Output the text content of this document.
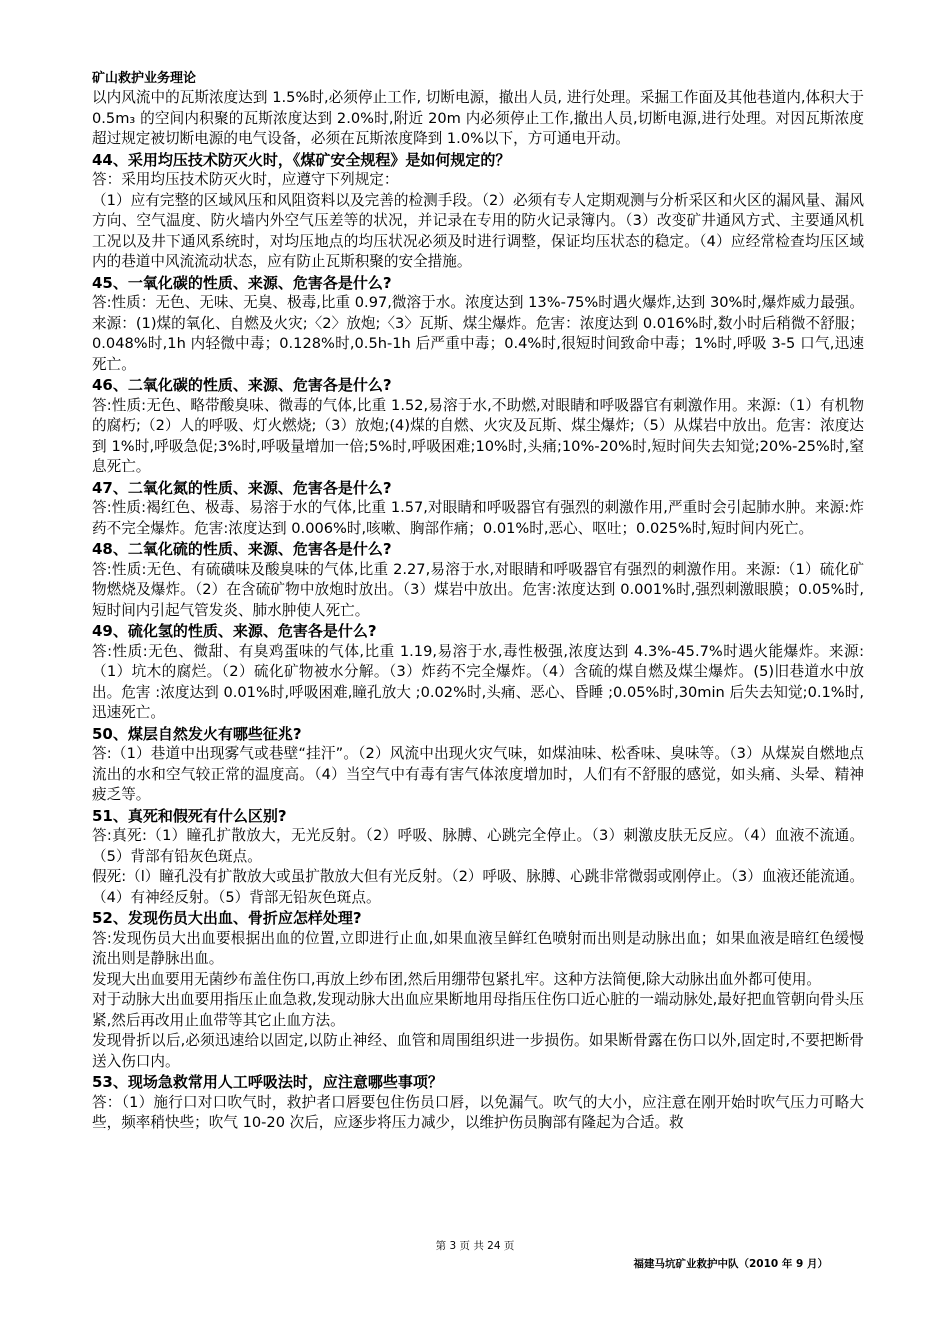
矿山救护业务理论

以内风流中的瓦斯浓度达到 1.5%时,必须停止工作, 切断电源，撤出人员, 进行处理。采掘工作面及其他巷道内,体积大于 0.5m₃ 的空间内积聚的瓦斯浓度达到 2.0%时,附近 20m 内必须停止工作,撤出人员,切断电源,进行处理。对因瓦斯浓度超过规定被切断电源的电气设备，必须在瓦斯浓度降到 1.0%以下，方可通电开动。

44、采用均压技术防灭火时，《煤矿安全规程》是如何规定的？

答：采用均压技术防灭火时，应遵守下列规定：

（1）应有完整的区域风压和风阻资料以及完善的检测手段。（2）必须有专人定期观测与分析采区和火区的漏风量、漏风方向、空气温度、防火墙内外空气压差等的状况，并记录在专用的防火记录簿内。（3）改变矿井通风方式、主要通风机工况以及井下通风系统时，对均压地点的均压状况必须及时进行调整，保证均压状态的稳定。（4）应经常检查均压区域内的巷道中风流流动状态，应有防止瓦斯积聚的安全措施。

45、一氧化碳的性质、来源、危害各是什么?

答:性质：无色、无味、无臭、极毒,比重 0.97,微溶于水。浓度达到 13%-75%时遇火爆炸,达到 30%时,爆炸威力最强。来源：(1)煤的氧化、自燃及火灾;〈2〉放炮;〈3〉瓦斯、煤尘爆炸。危害：浓度达到 0.016%时,数小时后稍微不舒服；0.048%时,1h 内轻微中毒；0.128%时,0.5h-1h 后严重中毒；0.4%时,很短时间致命中毒；1%时,呼吸 3-5 口气,迅速死亡。

46、二氧化碳的性质、来源、危害各是什么?

答:性质:无色、略带酸臭味、微毒的气体,比重 1.52,易溶于水,不助燃,对眼睛和呼吸器官有刺激作用。来源:（1）有机物的腐朽;（2）人的呼吸、灯火燃烧;（3）放炮;(4)煤的自燃、火灾及瓦斯、煤尘爆炸;（5）从煤岩中放出。危害：浓度达到 1%时,呼吸急促;3%时,呼吸量增加一倍;5%时,呼吸困难;10%时,头痛;10%-20%时,短时间失去知觉;20%-25%时,窒息死亡。

47、二氧化氮的性质、来源、危害各是什么?

答:性质:褐红色、极毒、易溶于水的气体,比重 1.57,对眼睛和呼吸器官有强烈的刺激作用,严重时会引起肺水肿。来源:炸药不完全爆炸。危害:浓度达到 0.006%时,咳嗽、胸部作痛；0.01%时,恶心、呕吐；0.025%时,短时间内死亡。

48、二氧化硫的性质、来源、危害各是什么?

答:性质:无色、有硫磺味及酸臭味的气体,比重 2.27,易溶于水,对眼睛和呼吸器官有强烈的刺激作用。来源:（1）硫化矿物燃烧及爆炸。（2）在含硫矿物中放炮时放出。（3）煤岩中放出。危害:浓度达到 0.001%时,强烈刺激眼膜；0.05%时,短时间内引起气管发炎、肺水肿使人死亡。

49、硫化氢的性质、来源、危害各是什么?

答:性质:无色、微甜、有臭鸡蛋味的气体,比重 1.19,易溶于水,毒性极强,浓度达到 4.3%-45.7%时遇火能爆炸。来源:（1）坑木的腐烂。（2）硫化矿物被水分解。（3）炸药不完全爆炸。（4）含硫的煤自燃及煤尘爆炸。(5)旧巷道水中放出。危害 :浓度达到 0.01%时,呼吸困难,瞳孔放大 ;0.02%时,头痛、恶心、昏睡 ;0.05%时,30min 后失去知觉;0.1%时,迅速死亡。

50、煤层自然发火有哪些征兆?

答:（1）巷道中出现雾气或巷壁“挂汗”。（2）风流中出现火灾气味，如煤油味、松香味、臭味等。（3）从煤炭自燃地点流出的水和空气较正常的温度高。（4）当空气中有毒有害气体浓度增加时，人们有不舒服的感觉，如头痛、头晕、精神疲乏等。

51、真死和假死有什么区别?

答:真死:（1）瞳孔扩散放大，无光反射。（2）呼吸、脉膊、心跳完全停止。（3）刺激皮肤无反应。（4）血液不流通。（5）背部有铅灰色斑点。

假死:（l）瞳孔没有扩散放大或虽扩散放大但有光反射。（2）呼吸、脉膊、心跳非常微弱或刚停止。（3）血液还能流通。（4）有神经反射。（5）背部无铅灰色斑点。

52、发现伤员大出血、骨折应怎样处理?

答:发现伤员大出血要根据出血的位置,立即进行止血,如果血液呈鲜红色喷射而出则是动脉出血；如果血液是暗红色缓慢流出则是静脉出血。

发现大出血要用无菌纱布盖住伤口,再放上纱布团,然后用绷带包紧扎牢。这种方法简便,除大动脉出血外都可使用。

对于动脉大出血要用指压止血急救,发现动脉大出血应果断地用母指压住伤口近心脏的一端动脉处,最好把血管朝向骨头压紧,然后再改用止血带等其它止血方法。

发现骨折以后,必须迅速给以固定,以防止神经、血管和周围组织进一步损伤。如果断骨露在伤口以外,固定时,不要把断骨送入伤口内。

53、现场急救常用人工呼吸法时，应注意哪些事项？

答：（1）施行口对口吹气时，救护者口唇要包住伤员口唇，以免漏气。吹气的大小，应注意在刚开始时吹气压力可略大些，频率稍快些；吹气 10-20 次后，应逐步将压力减少，以维护伤员胸部有隆起为合适。救

第 3 页 共 24 页
福建马坑矿业救护中队（2010 年 9 月）
